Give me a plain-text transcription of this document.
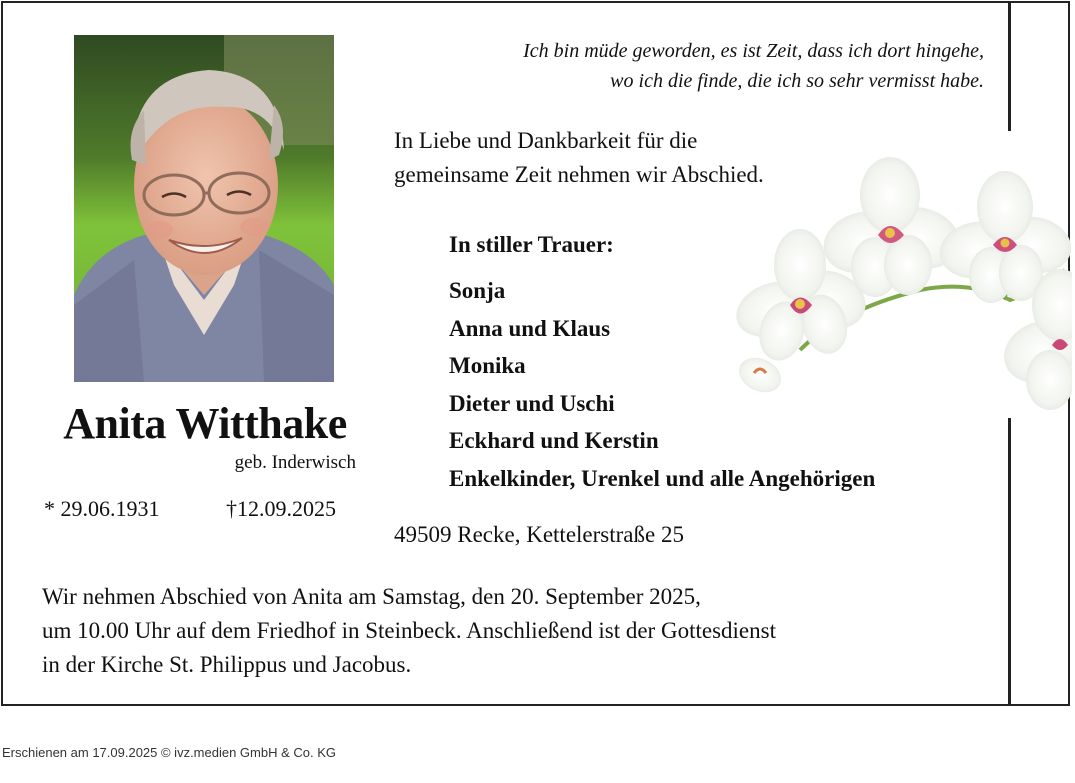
Anita Witthake
geb. Inderwisch
* 29.06.1931	†12.09.2025
Ich bin müde geworden, es ist Zeit, dass ich dort hingehe,
wo ich die finde, die ich so sehr vermisst habe.
In Liebe und Dankbarkeit für die
gemeinsame Zeit nehmen wir Abschied.
In stiller Trauer:
Sonja
Anna und Klaus
Monika
Dieter und Uschi
Eckhard und Kerstin
Enkelkinder, Urenkel und alle Angehörigen
49509 Recke, Kettelerstraße 25
Wir nehmen Abschied von Anita am Samstag, den 20. September 2025,
um 10.00 Uhr auf dem Friedhof in Steinbeck. Anschließend ist der Gottesdienst
in der Kirche St. Philippus und Jacobus.
Erschienen am 17.09.2025 © ivz.medien GmbH & Co. KG
